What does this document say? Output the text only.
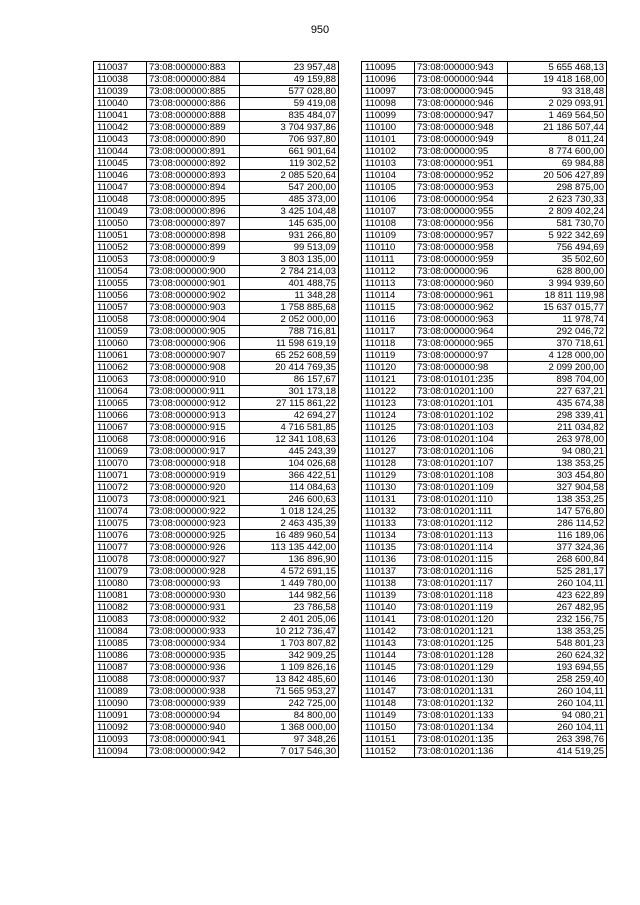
950
110037	73:08:000000:883	23 957,48
110038	73:08:000000:884	49 159,88
110039	73:08:000000:885	577 028,80
110040	73:08:000000:886	59 419,08
110041	73:08:000000:888	835 484,07
110042	73:08:000000:889	3 704 937,86
110043	73:08:000000:890	706 937,80
110044	73:08:000000:891	661 901,64
110045	73:08:000000:892	119 302,52
110046	73:08:000000:893	2 085 520,64
110047	73:08:000000:894	547 200,00
110048	73:08:000000:895	485 373,00
110049	73:08:000000:896	3 425 104,48
110050	73:08:000000:897	145 635,00
110051	73:08:000000:898	931 266,80
110052	73:08:000000:899	99 513,09
110053	73:08:000000:9	3 803 135,00
110054	73:08:000000:900	2 784 214,03
110055	73:08:000000:901	401 488,75
110056	73:08:000000:902	11 348,28
110057	73:08:000000:903	1 758 885,68
110058	73:08:000000:904	2 052 000,00
110059	73:08:000000:905	788 716,81
110060	73:08:000000:906	11 598 619,19
110061	73:08:000000:907	65 252 608,59
110062	73:08:000000:908	20 414 769,35
110063	73:08:000000:910	86 157,67
110064	73:08:000000:911	301 173,18
110065	73:08:000000:912	27 115 861,22
110066	73:08:000000:913	42 694,27
110067	73:08:000000:915	4 716 581,85
110068	73:08:000000:916	12 341 108,63
110069	73:08:000000:917	445 243,39
110070	73:08:000000:918	104 026,68
110071	73:08:000000:919	366 422,51
110072	73:08:000000:920	114 084,63
110073	73:08:000000:921	246 600,63
110074	73:08:000000:922	1 018 124,25
110075	73:08:000000:923	2 463 435,39
110076	73:08:000000:925	16 489 960,54
110077	73:08:000000:926	113 135 442,00
110078	73:08:000000:927	136 896,90
110079	73:08:000000:928	4 572 691,15
110080	73:08:000000:93	1 449 780,00
110081	73:08:000000:930	144 982,56
110082	73:08:000000:931	23 786,58
110083	73:08:000000:932	2 401 205,06
110084	73:08:000000:933	10 212 736,47
110085	73:08:000000:934	1 703 807,82
110086	73:08:000000:935	342 909,25
110087	73:08:000000:936	1 109 826,16
110088	73:08:000000:937	13 842 485,60
110089	73:08:000000:938	71 565 953,27
110090	73:08:000000:939	242 725,00
110091	73:08:000000:94	84 800,00
110092	73:08:000000:940	1 368 000,00
110093	73:08:000000:941	97 348,26
110094	73:08:000000:942	7 017 546,30
110095	73:08:000000:943	5 655 468,13
110096	73:08:000000:944	19 418 168,00
110097	73:08:000000:945	93 318,48
110098	73:08:000000:946	2 029 093,91
110099	73:08:000000:947	1 469 564,50
110100	73:08:000000:948	21 186 507,44
110101	73:08:000000:949	8 011,24
110102	73:08:000000:95	8 774 600,00
110103	73:08:000000:951	69 984,88
110104	73:08:000000:952	20 506 427,89
110105	73:08:000000:953	298 875,00
110106	73:08:000000:954	2 623 730,33
110107	73:08:000000:955	2 809 402,24
110108	73:08:000000:956	581 730,70
110109	73:08:000000:957	5 922 342,69
110110	73:08:000000:958	756 494,69
110111	73:08:000000:959	35 502,60
110112	73:08:000000:96	628 800,00
110113	73:08:000000:960	3 994 939,60
110114	73:08:000000:961	18 811 119,98
110115	73:08:000000:962	15 637 015,77
110116	73:08:000000:963	11 978,74
110117	73:08:000000:964	292 046,72
110118	73:08:000000:965	370 718,61
110119	73:08:000000:97	4 128 000,00
110120	73:08:000000:98	2 099 200,00
110121	73:08:010101:235	898 704,00
110122	73:08:010201:100	227 637,21
110123	73:08:010201:101	435 674,38
110124	73:08:010201:102	298 339,41
110125	73:08:010201:103	211 034,82
110126	73:08:010201:104	263 978,00
110127	73:08:010201:106	94 080,21
110128	73:08:010201:107	138 353,25
110129	73:08:010201:108	303 454,80
110130	73:08:010201:109	327 904,58
110131	73:08:010201:110	138 353,25
110132	73:08:010201:111	147 576,80
110133	73:08:010201:112	286 114,52
110134	73:08:010201:113	116 189,06
110135	73:08:010201:114	377 324,36
110136	73:08:010201:115	268 600,84
110137	73:08:010201:116	525 281,17
110138	73:08:010201:117	260 104,11
110139	73:08:010201:118	423 622,89
110140	73:08:010201:119	267 482,95
110141	73:08:010201:120	232 156,75
110142	73:08:010201:121	138 353,25
110143	73:08:010201:125	548 801,23
110144	73:08:010201:128	260 624,32
110145	73:08:010201:129	193 694,55
110146	73:08:010201:130	258 259,40
110147	73:08:010201:131	260 104,11
110148	73:08:010201:132	260 104,11
110149	73:08:010201:133	94 080,21
110150	73:08:010201:134	260 104,11
110151	73:08:010201:135	263 398,76
110152	73:08:010201:136	414 519,25
